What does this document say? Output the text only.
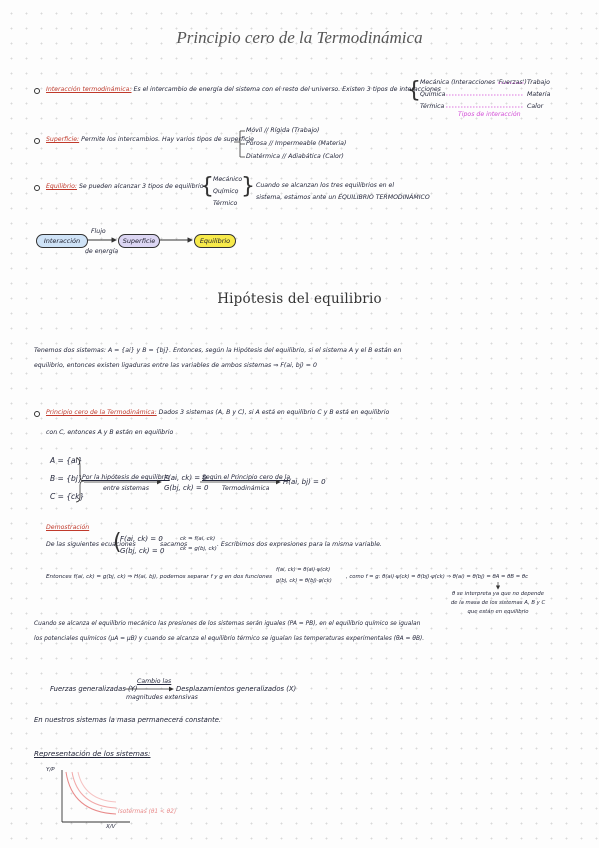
Principio cero de la Termodinámica
Interacción termodinámica: Es el intercambio de energía del sistema con el resto del universo. Existen 3 tipos de interacciones
{ Mecánica (Interacciones 'Fuerzas')
Química
Térmica
Trabajo
Materia
Calor
Tipos de interacción
Superficie: Permite los intercambios. Hay varios tipos de superficie
Móvil // Rígida (Trabajo)
Porosa // Impermeable (Materia)
Diatérmica // Adiabática (Calor)
Equilibrio: Se pueden alcanzar 3 tipos de equilibrio
{ Mecánico
Químico
Térmico
} Cuando se alcanzan los tres equilibrios en el
sistema, estamos ante un EQUILIBRIO TERMODINÁMICO
Interacción
Flujo
de energía
Superficie	Equilibrio
Hipótesis del equilibrio
Tenemos dos sistemas: A = {ai} y B = {bj}. Entonces, según la Hipótesis del equilibrio, si el sistema A y el B están en
equilibrio, entonces existen ligaduras entre las variables de ambos sistemas ⇒ F(ai, bj) = 0
Principio cero de la Termodinámica: Dados 3 sistemas (A, B y C), si A está en equilibrio C y B está en equilibrio
con C, entonces A y B están en equilibrio
A = {ai}
B = {bj}
C = {ck}
Por la hipótesis de equilibrio
entre sistemas
F(ai, ck) = 0
G(bj, ck) = 0
Según el Principio cero de la
Termodinámica
H(ai, bj) = 0
Demostración
De las siguientes ecuaciones
(
F(ai, ck) = 0
G(bj, ck) = 0
sacamos
ck = f(ai, ck)
ck = g(bj, ck)
. Escribimos dos expresiones para la misma variable.
Entonces f(ai, ck) = g(bj, ck) ⇒ H(ai, bj), podemos separar f y g en dos funciones
f(ai, ck) = θ(ai)·ψ(ck)
g(bj, ck) = θ(bj)·ψ(ck)
, como f = g: θ(ai)·ψ(ck) = θ(bj)·ψ(ck) ⇒ θ(ai) = θ(bj) = θA = θB = θc
θ se interpreta ya que no depende
de la masa de los sistemas A, B y C
que están en equilibrio
Cuando se alcanza el equilibrio mecánico las presiones de los sistemas serán iguales (PA = PB), en el equilibrio químico se igualan
los potenciales químicos (μA = μB) y cuando se alcanza el equilibrio térmico se igualan las temperaturas experimentales (θA = θB).
Fuerzas generalizadas (Y)
Cambio las
magnitudes extensivas
Desplazamientos generalizados (X)
En nuestros sistemas la masa permanecerá constante.
Representación de los sistemas:
Y/P
X/V
Isotermas (θ1 < θ2)
